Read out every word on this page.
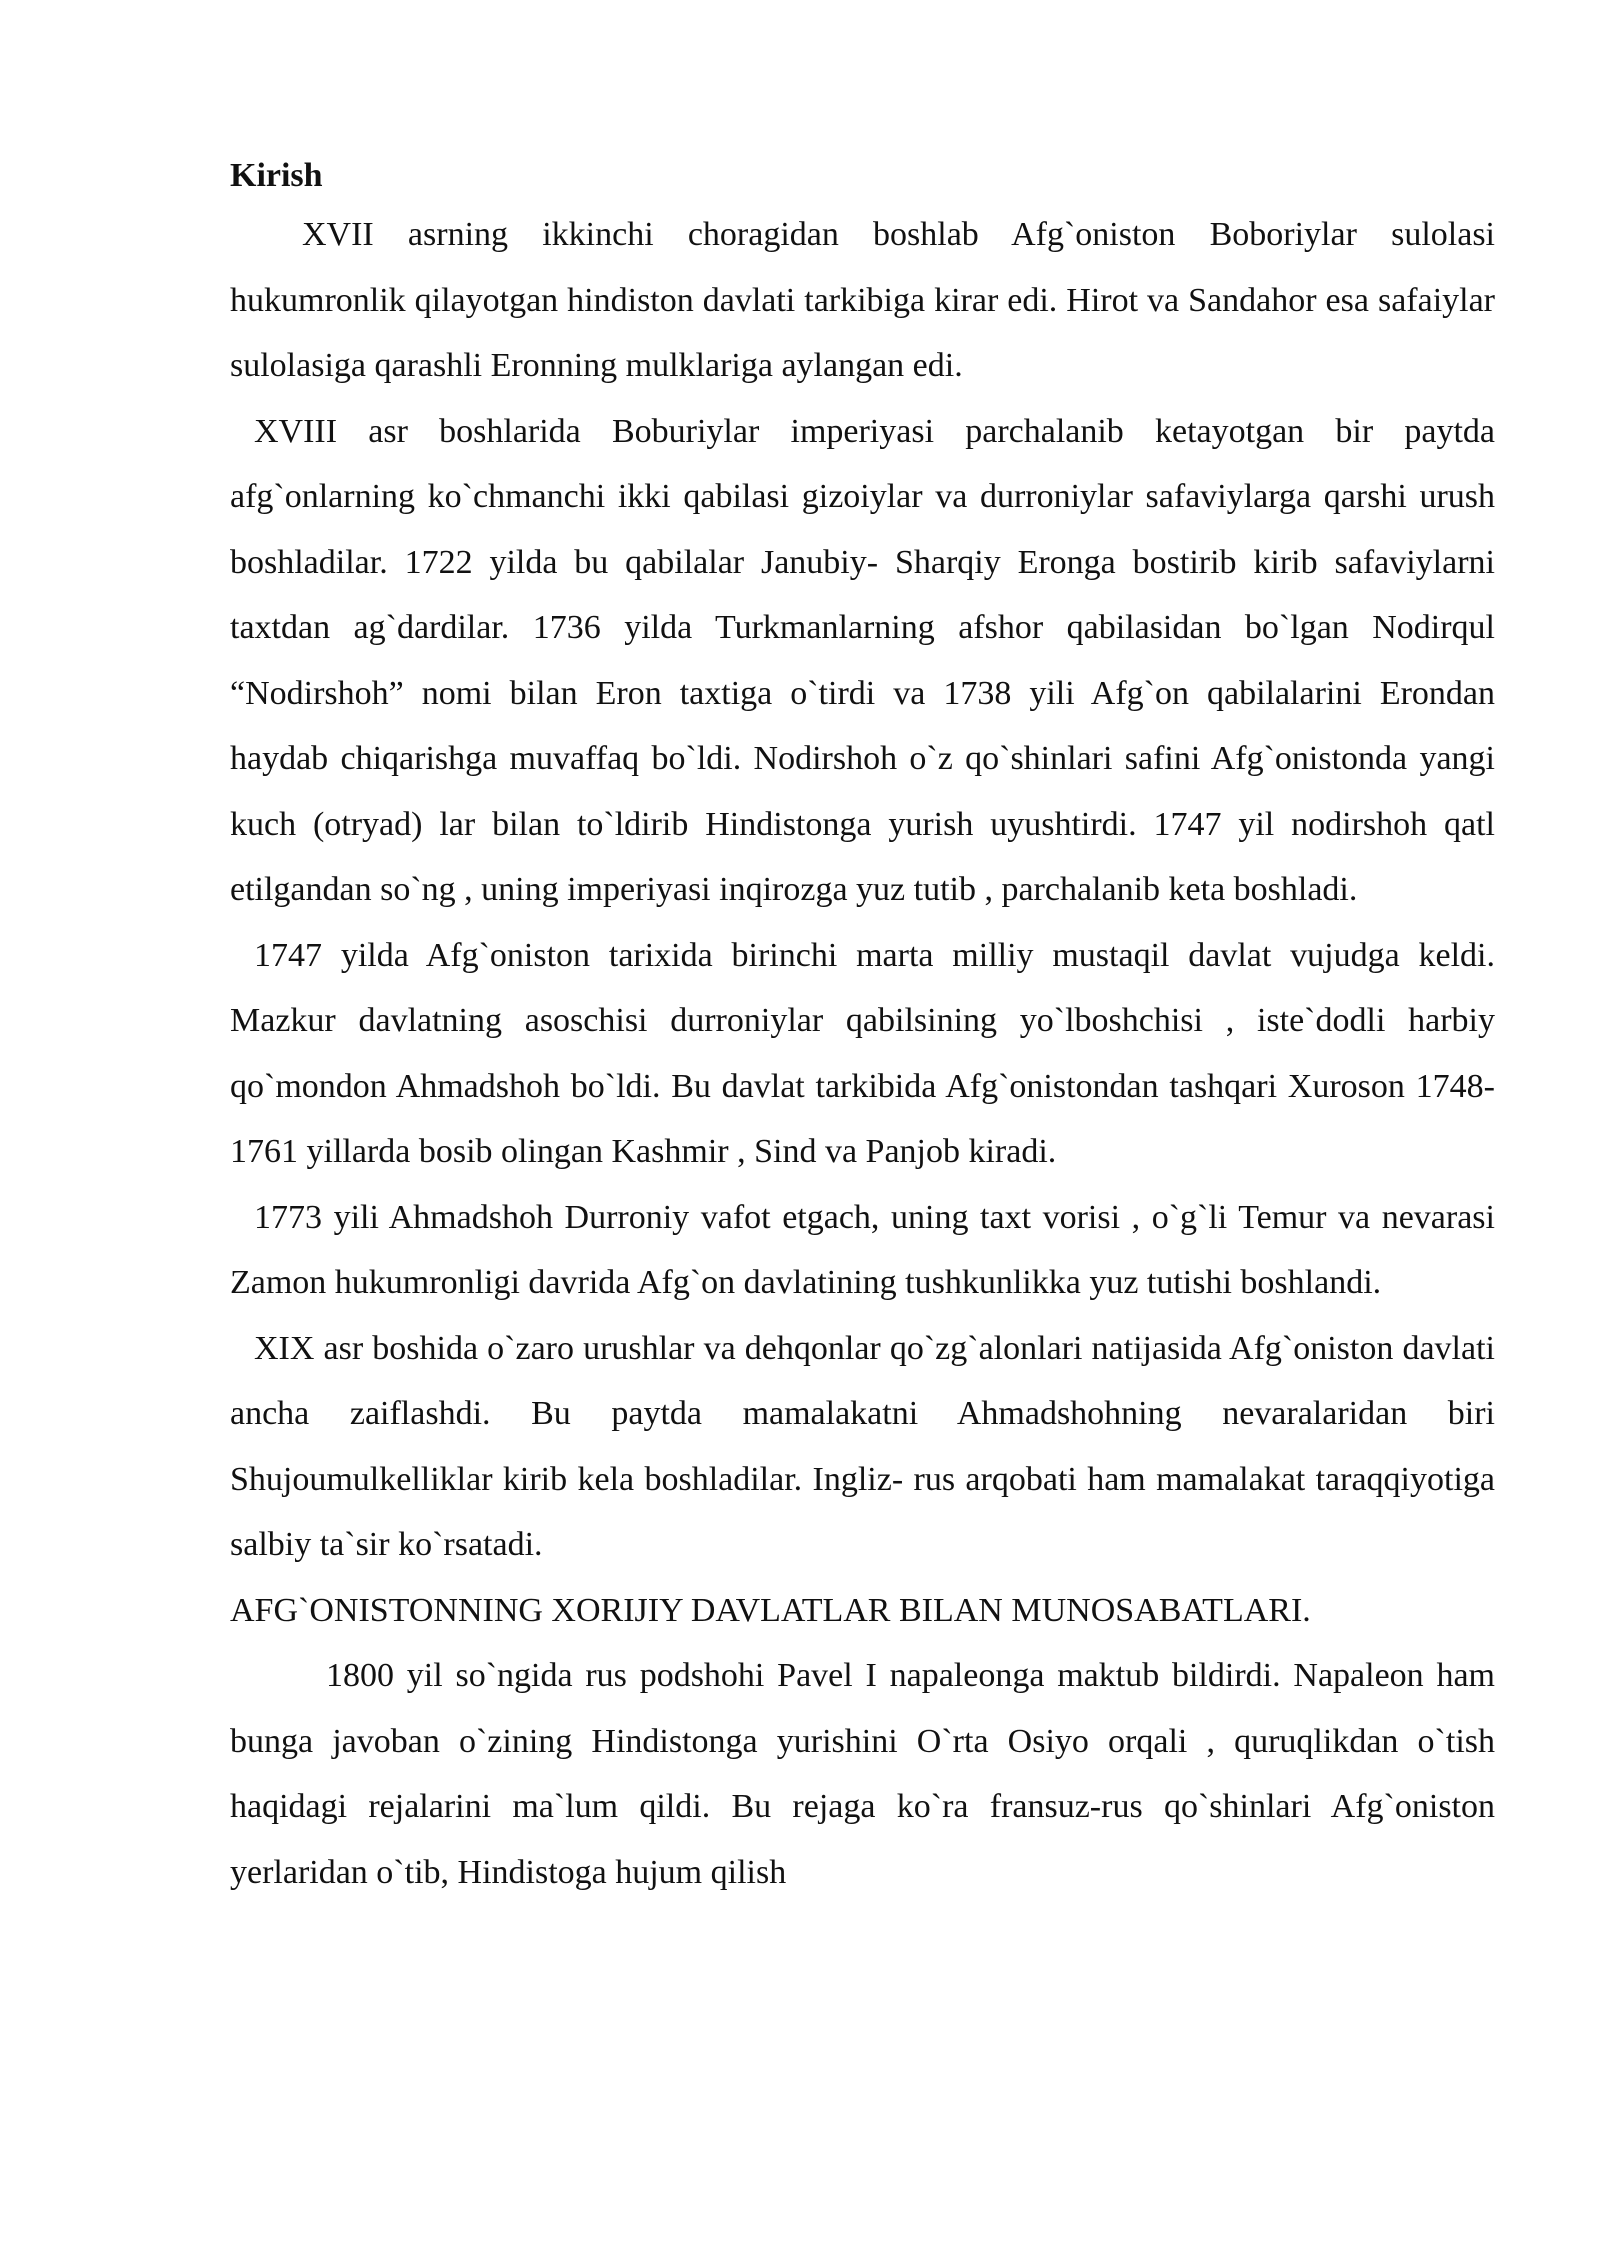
Kirish

XVII asrning ikkinchi choragidan boshlab Afg`oniston Boboriylar sulolasi hukumronlik qilayotgan hindiston davlati tarkibiga kirar edi. Hirot va Sandahor esa safaiylar sulolasiga qarashli Eronning mulklariga aylangan edi.

XVIII asr boshlarida Boburiylar imperiyasi parchalanib ketayotgan bir paytda afg`onlarning ko`chmanchi ikki qabilasi gizoiylar va durroniylar safaviylarga qarshi urush boshladilar. 1722 yilda bu qabilalar Janubiy- Sharqiy Eronga bostirib kirib safaviylarni taxtdan ag`dardilar. 1736 yilda Turkmanlarning afshor qabilasidan bo`lgan Nodirqul “Nodirshoh” nomi bilan Eron taxtiga o`tirdi va 1738 yili Afg`on qabilalarini Erondan haydab chiqarishga muvaffaq bo`ldi. Nodirshoh o`z qo`shinlari safini Afg`onistonda yangi kuch (otryad) lar bilan to`ldirib Hindistonga yurish uyushtirdi. 1747 yil nodirshoh qatl etilgandan so`ng , uning imperiyasi inqirozga yuz tutib , parchalanib keta boshladi.

1747 yilda Afg`oniston tarixida birinchi marta milliy mustaqil davlat vujudga keldi. Mazkur davlatning asoschisi durroniylar qabilsining yo`lboshchisi , iste`dodli harbiy qo`mondon Ahmadshoh bo`ldi. Bu davlat tarkibida Afg`onistondan tashqari Xuroson 1748-1761 yillarda bosib olingan Kashmir , Sind va Panjob kiradi.

1773 yili Ahmadshoh Durroniy vafot etgach, uning taxt vorisi , o`g`li Temur va nevarasi Zamon hukumronligi davrida Afg`on davlatining tushkunlikka yuz tutishi boshlandi.

XIX asr boshida o`zaro urushlar va dehqonlar qo`zg`alonlari natijasida Afg`oniston davlati ancha zaiflashdi. Bu paytda mamalakatni Ahmadshohning nevaralaridan biri Shujoumulkelliklar kirib kela boshladilar. Ingliz- rus arqobati ham mamalakat taraqqiyotiga salbiy ta`sir ko`rsatadi.

AFG`ONISTONNING XORIJIY DAVLATLAR BILAN MUNOSABATLARI.

1800 yil so`ngida rus podshohi Pavel I napaleonga maktub bildirdi. Napaleon ham bunga javoban o`zining Hindistonga yurishini O`rta Osiyo orqali , quruqlikdan o`tish haqidagi rejalarini ma`lum qildi. Bu rejaga ko`ra fransuz-rus qo`shinlari Afg`oniston yerlaridan o`tib, Hindistoga hujum qilish
